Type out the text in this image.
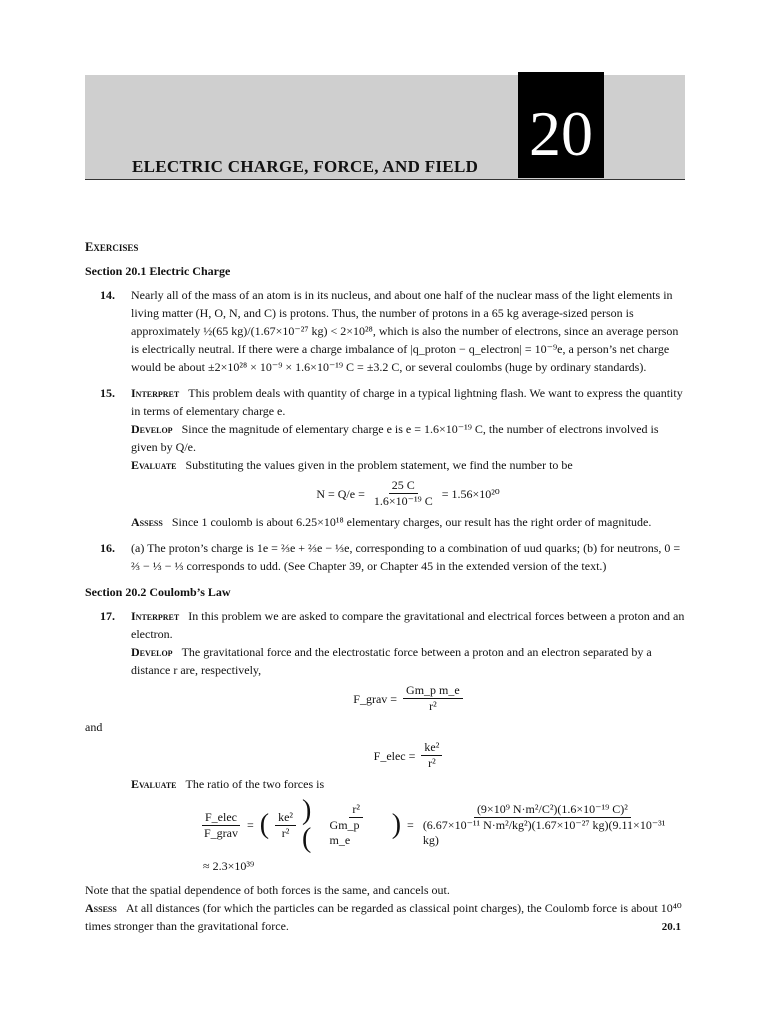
ELECTRIC CHARGE, FORCE, AND FIELD 20
Exercises
Section 20.1 Electric Charge
14.	Nearly all of the mass of an atom is in its nucleus, and about one half of the nuclear mass of the light elements in living matter (H, O, N, and C) is protons. Thus, the number of protons in a 65 kg average-sized person is approximately ½(65 kg)/(1.67×10⁻²⁷ kg) < 2×10²⁸, which is also the number of electrons, since an average person is electrically neutral. If there were a charge imbalance of |q_proton − q_electron| = 10⁻⁹e, a person’s net charge would be about ±2×10²⁸ × 10⁻⁹ × 1.6×10⁻¹⁹ C = ±3.2 C, or several coulombs (huge by ordinary standards).
15.	Interpret This problem deals with quantity of charge in a typical lightning flash. We want to express the quantity in terms of elementary charge e.
Develop Since the magnitude of elementary charge e is e = 1.6×10⁻¹⁹ C, the number of electrons involved is given by Q/e.
Evaluate Substituting the values given in the problem statement, we find the number to be
$N = Q/e = \frac{25 C}{\text{1.6×10⁻¹⁹ C}} = 1.56\times 10^{20}$
Assess Since 1 coulomb is about 6.25×10¹⁸ elementary charges, our result has the right order of magnitude.
16.	(a) The proton’s charge is 1e = ⅔e + ⅔e − ⅓e, corresponding to a combination of uud quarks; (b) for neutrons, 0 = ⅔ − ⅓ − ⅓ corresponds to udd. (See Chapter 39, or Chapter 45 in the extended version of the text.)
Section 20.2 Coulomb’s Law
17.	Interpret In this problem we are asked to compare the gravitational and electrical forces between a proton and an electron.
Develop The gravitational force and the electrostatic force between a proton and an electron separated by a distance r are, respectively,
F_grav = $\frac{\text{Gm\_p m\_e}}{\text{r²}}$
and
F_elec = $\frac{\text{ke²}}{\text{r²}}$
Evaluate The ratio of the two forces is
$\frac{\text{F\_elec}}{\text{F\_grav}}$ = ( $\frac{\text{ke²}}{\text{r²}}$ )(	$\frac{\text{r²}}{\text{Gm\_p m\_e}}$ ) = $\frac{\text{(9×10⁹ N·m²/C²)(1.6×10⁻¹⁹ C)²}}{\text{(6.67×10⁻¹¹ N·m²/kg²)(1.67×10⁻²⁷ kg)(9.11×10⁻³¹ kg)}}$
≈ 2.3×10³⁹
Note that the spatial dependence of both forces is the same, and cancels out.
Assess At all distances (for which the particles can be regarded as classical point charges), the Coulomb force is about 10⁴⁰ times stronger than the gravitational force.	20.1
